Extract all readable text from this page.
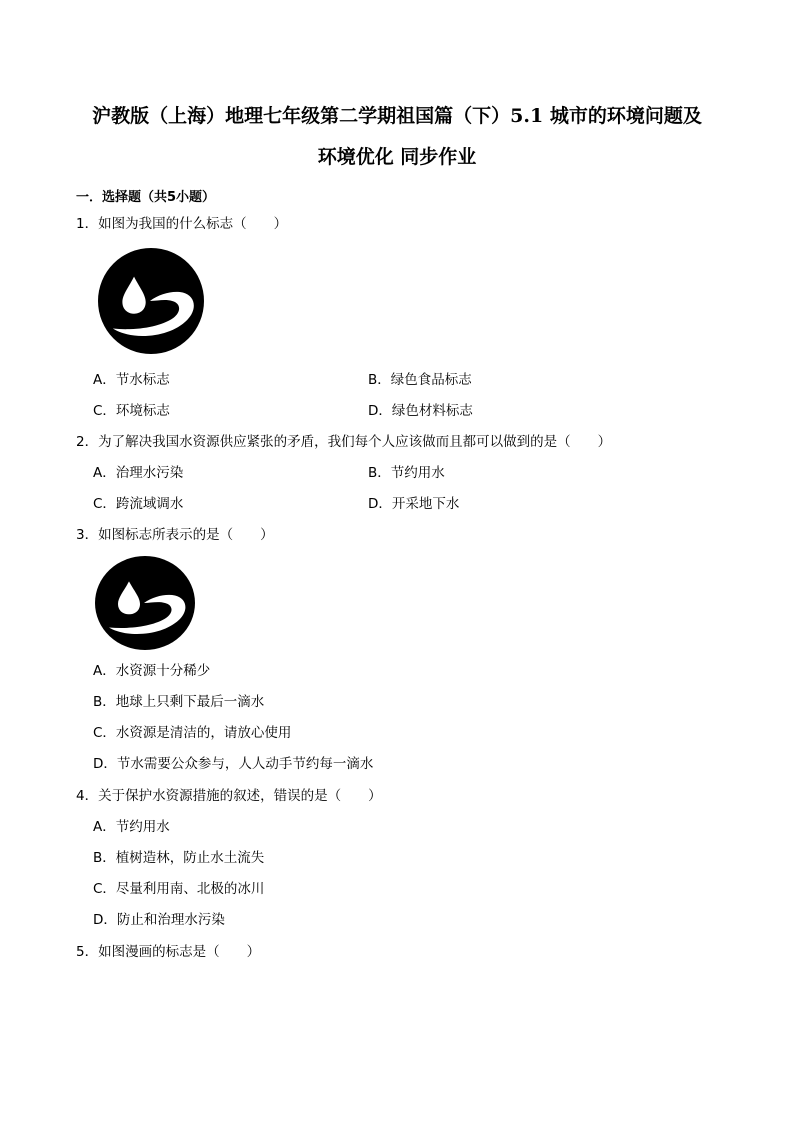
沪教版（上海）地理七年级第二学期祖国篇（下）5.1 城市的环境问题及
环境优化 同步作业
一．选择题（共5小题）
1．如图为我国的什么标志（　　）
A．节水标志	B．绿色食品标志
C．环境标志	D．绿色材料标志
2．为了解决我国水资源供应紧张的矛盾，我们每个人应该做而且都可以做到的是（　　）
A．治理水污染	B．节约用水
C．跨流域调水	D．开采地下水
3．如图标志所表示的是（　　）
A．水资源十分稀少
B．地球上只剩下最后一滴水
C．水资源是清洁的，请放心使用
D．节水需要公众参与，人人动手节约每一滴水
4．关于保护水资源措施的叙述，错误的是（　　）
A．节约用水
B．植树造林，防止水土流失
C．尽量利用南、北极的冰川
D．防止和治理水污染
5．如图漫画的标志是（　　）
